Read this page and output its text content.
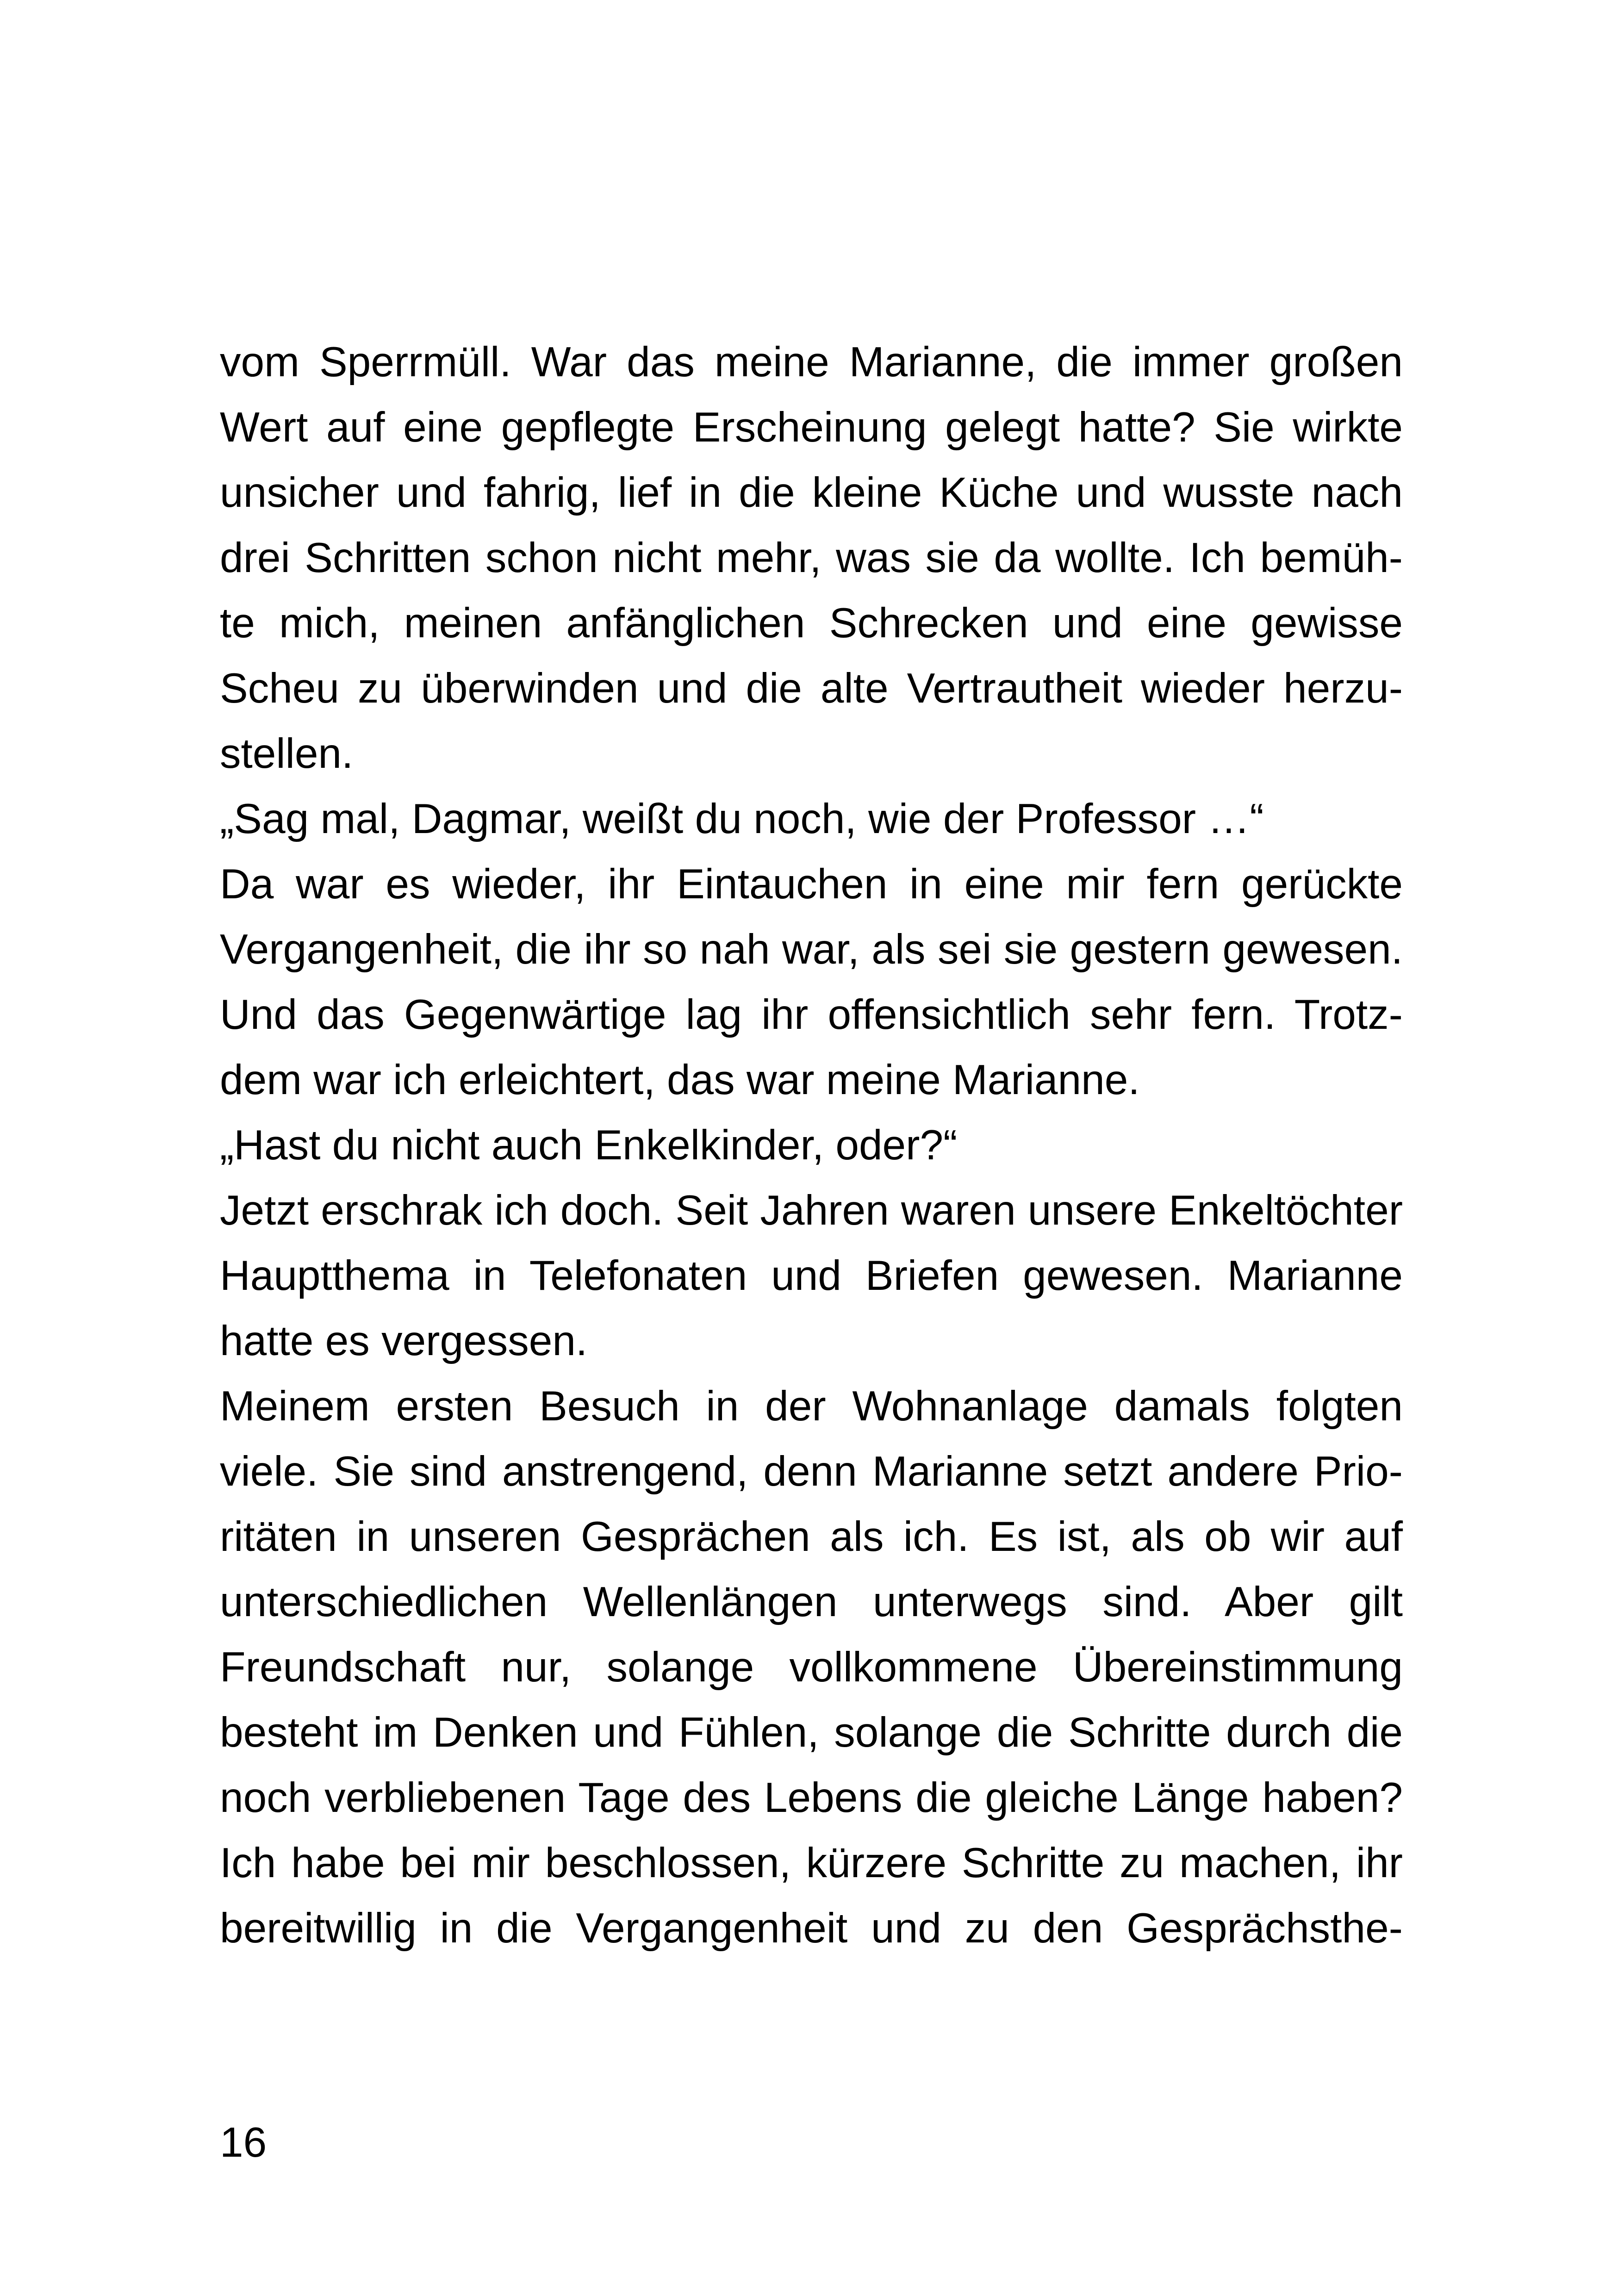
vom Sperrmüll. War das meine Marianne, die immer großen
Wert auf eine gepflegte Erscheinung gelegt hatte? Sie wirkte
unsicher und fahrig, lief in die kleine Küche und wusste nach
drei Schritten schon nicht mehr, was sie da wollte. Ich bemüh-
te mich, meinen anfänglichen Schrecken und eine gewisse
Scheu zu überwinden und die alte Vertrautheit wieder herzu-
stellen.
„Sag mal, Dagmar, weißt du noch, wie der Professor …“
Da war es wieder, ihr Eintauchen in eine mir fern gerückte
Vergangenheit, die ihr so nah war, als sei sie gestern gewesen.
Und das Gegenwärtige lag ihr offensichtlich sehr fern. Trotz-
dem war ich erleichtert, das war meine Marianne.
„Hast du nicht auch Enkelkinder, oder?“
Jetzt erschrak ich doch. Seit Jahren waren unsere Enkeltöchter
Hauptthema in Telefonaten und Briefen gewesen. Marianne
hatte es vergessen.
Meinem ersten Besuch in der Wohnanlage damals folgten
viele. Sie sind anstrengend, denn Marianne setzt andere Prio-
ritäten in unseren Gesprächen als ich. Es ist, als ob wir auf
unterschiedlichen Wellenlängen unterwegs sind. Aber gilt
Freundschaft nur, solange vollkommene Übereinstimmung
besteht im Denken und Fühlen, solange die Schritte durch die
noch verbliebenen Tage des Lebens die gleiche Länge haben?
Ich habe bei mir beschlossen, kürzere Schritte zu machen, ihr
bereitwillig in die Vergangenheit und zu den Gesprächsthe-
16
